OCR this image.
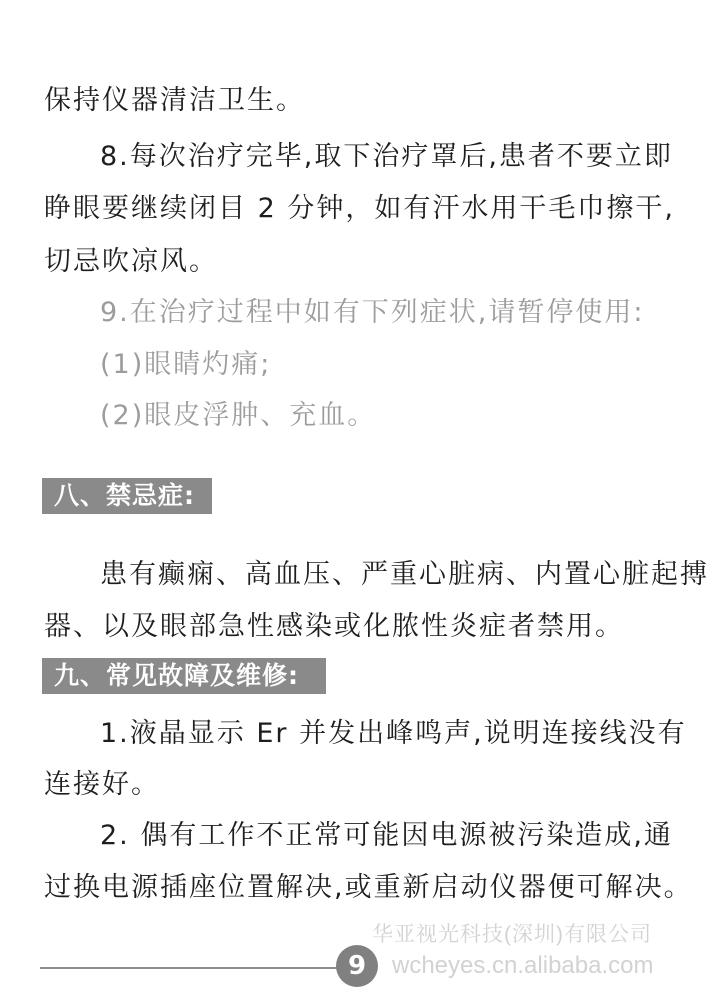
保持仪器清洁卫生。
8.每次治疗完毕,取下治疗罩后,患者不要立即
睁眼要继续闭目 2 分钟，如有汗水用干毛巾擦干,
切忌吹凉风。
9.在治疗过程中如有下列症状,请暂停使用:
(1)眼睛灼痛;
(2)眼皮浮肿、充血。
八、禁忌症:
患有癫痫、高血压、严重心脏病、内置心脏起搏
器、以及眼部急性感染或化脓性炎症者禁用。
九、常见故障及维修:
1.液晶显示 Er 并发出峰鸣声,说明连接线没有
连接好。
2. 偶有工作不正常可能因电源被污染造成,通
过换电源插座位置解决,或重新启动仪器便可解决。
华亚视光科技(深圳)有限公司
9	wcheyes.cn.alibaba.com
